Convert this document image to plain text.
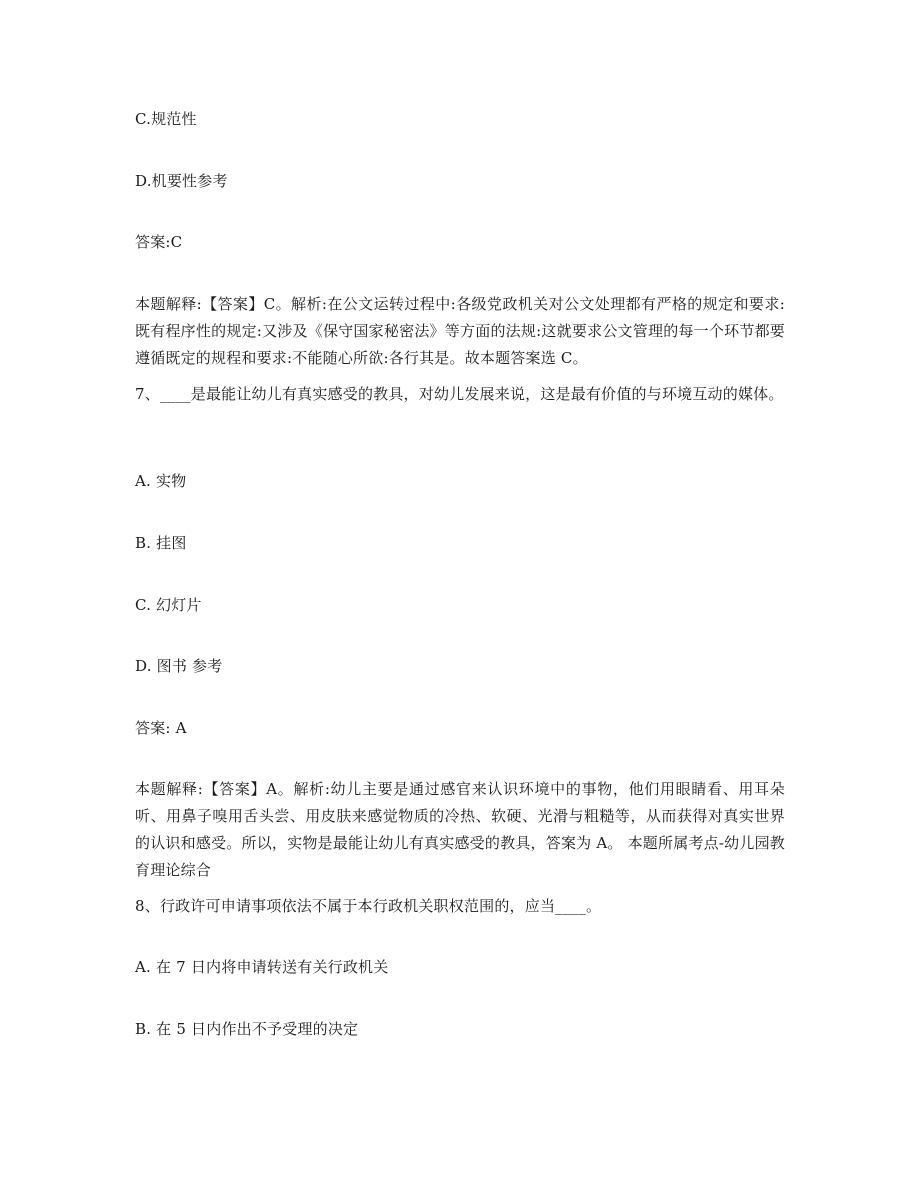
C.规范性
D.机要性参考
答案:C
本题解释:【答案】C。解析:在公文运转过程中:各级党政机关对公文处理都有严格的规定和要求:既有程序性的规定:又涉及《保守国家秘密法》等方面的法规:这就要求公文管理的每一个环节都要遵循既定的规程和要求:不能随心所欲:各行其是。故本题答案选 C。
7、____是最能让幼儿有真实感受的教具，对幼儿发展来说，这是最有价值的与环境互动的媒体。
A. 实物
B. 挂图
C. 幻灯片
D. 图书 参考
答案: A
本题解释:【答案】A。解析:幼儿主要是通过感官来认识环境中的事物，他们用眼睛看、用耳朵听、用鼻子嗅用舌头尝、用皮肤来感觉物质的冷热、软硬、光滑与粗糙等，从而获得对真实世界的认识和感受。所以，实物是最能让幼儿有真实感受的教具，答案为 A。 本题所属考点-幼儿园教育理论综合
8、行政许可申请事项依法不属于本行政机关职权范围的，应当____。
A. 在 7 日内将申请转送有关行政机关
B. 在 5 日内作出不予受理的决定
